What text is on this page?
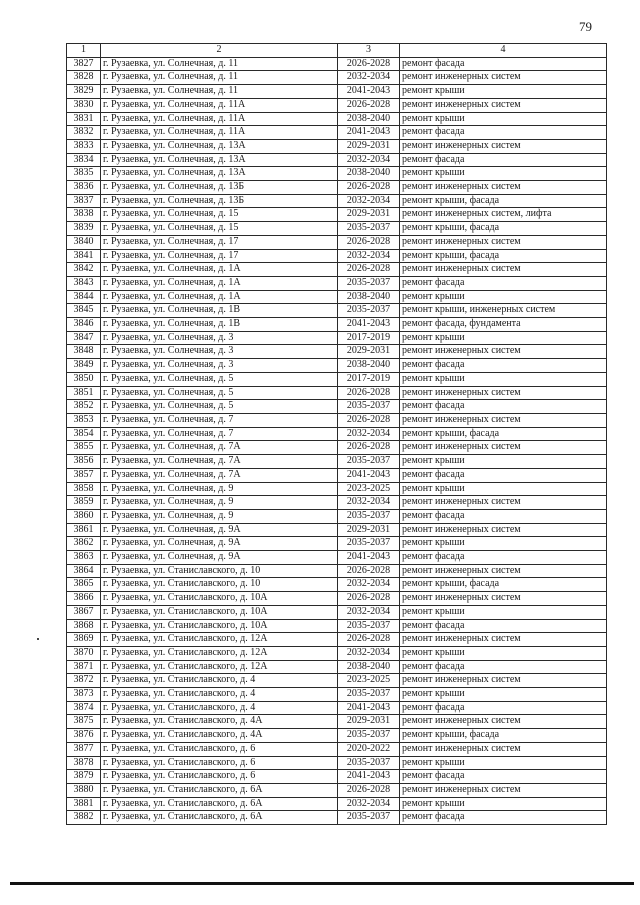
79
1	2	3	4
3827	г. Рузаевка, ул. Солнечная, д. 11	2026-2028	ремонт фасада
3828	г. Рузаевка, ул. Солнечная, д. 11	2032-2034	ремонт инженерных систем
3829	г. Рузаевка, ул. Солнечная, д. 11	2041-2043	ремонт крыши
3830	г. Рузаевка, ул. Солнечная, д. 11А	2026-2028	ремонт инженерных систем
3831	г. Рузаевка, ул. Солнечная, д. 11А	2038-2040	ремонт крыши
3832	г. Рузаевка, ул. Солнечная, д. 11А	2041-2043	ремонт фасада
3833	г. Рузаевка, ул. Солнечная, д. 13А	2029-2031	ремонт инженерных систем
3834	г. Рузаевка, ул. Солнечная, д. 13А	2032-2034	ремонт фасада
3835	г. Рузаевка, ул. Солнечная, д. 13А	2038-2040	ремонт крыши
3836	г. Рузаевка, ул. Солнечная, д. 13Б	2026-2028	ремонт инженерных систем
3837	г. Рузаевка, ул. Солнечная, д. 13Б	2032-2034	ремонт крыши, фасада
3838	г. Рузаевка, ул. Солнечная, д. 15	2029-2031	ремонт инженерных систем, лифта
3839	г. Рузаевка, ул. Солнечная, д. 15	2035-2037	ремонт крыши, фасада
3840	г. Рузаевка, ул. Солнечная, д. 17	2026-2028	ремонт инженерных систем
3841	г. Рузаевка, ул. Солнечная, д. 17	2032-2034	ремонт крыши, фасада
3842	г. Рузаевка, ул. Солнечная, д. 1А	2026-2028	ремонт инженерных систем
3843	г. Рузаевка, ул. Солнечная, д. 1А	2035-2037	ремонт фасада
3844	г. Рузаевка, ул. Солнечная, д. 1А	2038-2040	ремонт крыши
3845	г. Рузаевка, ул. Солнечная, д. 1В	2035-2037	ремонт крыши, инженерных систем
3846	г. Рузаевка, ул. Солнечная, д. 1В	2041-2043	ремонт фасада, фундамента
3847	г. Рузаевка, ул. Солнечная, д. 3	2017-2019	ремонт крыши
3848	г. Рузаевка, ул. Солнечная, д. 3	2029-2031	ремонт инженерных систем
3849	г. Рузаевка, ул. Солнечная, д. 3	2038-2040	ремонт фасада
3850	г. Рузаевка, ул. Солнечная, д. 5	2017-2019	ремонт крыши
3851	г. Рузаевка, ул. Солнечная, д. 5	2026-2028	ремонт инженерных систем
3852	г. Рузаевка, ул. Солнечная, д. 5	2035-2037	ремонт фасада
3853	г. Рузаевка, ул. Солнечная, д. 7	2026-2028	ремонт инженерных систем
3854	г. Рузаевка, ул. Солнечная, д. 7	2032-2034	ремонт крыши, фасада
3855	г. Рузаевка, ул. Солнечная, д. 7А	2026-2028	ремонт инженерных систем
3856	г. Рузаевка, ул. Солнечная, д. 7А	2035-2037	ремонт крыши
3857	г. Рузаевка, ул. Солнечная, д. 7А	2041-2043	ремонт фасада
3858	г. Рузаевка, ул. Солнечная, д. 9	2023-2025	ремонт крыши
3859	г. Рузаевка, ул. Солнечная, д. 9	2032-2034	ремонт инженерных систем
3860	г. Рузаевка, ул. Солнечная, д. 9	2035-2037	ремонт фасада
3861	г. Рузаевка, ул. Солнечная, д. 9А	2029-2031	ремонт инженерных систем
3862	г. Рузаевка, ул. Солнечная, д. 9А	2035-2037	ремонт крыши
3863	г. Рузаевка, ул. Солнечная, д. 9А	2041-2043	ремонт фасада
3864	г. Рузаевка, ул. Станиславского, д. 10	2026-2028	ремонт инженерных систем
3865	г. Рузаевка, ул. Станиславского, д. 10	2032-2034	ремонт крыши, фасада
3866	г. Рузаевка, ул. Станиславского, д. 10А	2026-2028	ремонт инженерных систем
3867	г. Рузаевка, ул. Станиславского, д. 10А	2032-2034	ремонт крыши
3868	г. Рузаевка, ул. Станиславского, д. 10А	2035-2037	ремонт фасада
3869	г. Рузаевка, ул. Станиславского, д. 12А	2026-2028	ремонт инженерных систем
3870	г. Рузаевка, ул. Станиславского, д. 12А	2032-2034	ремонт крыши
3871	г. Рузаевка, ул. Станиславского, д. 12А	2038-2040	ремонт фасада
3872	г. Рузаевка, ул. Станиславского, д. 4	2023-2025	ремонт инженерных систем
3873	г. Рузаевка, ул. Станиславского, д. 4	2035-2037	ремонт крыши
3874	г. Рузаевка, ул. Станиславского, д. 4	2041-2043	ремонт фасада
3875	г. Рузаевка, ул. Станиславского, д. 4А	2029-2031	ремонт инженерных систем
3876	г. Рузаевка, ул. Станиславского, д. 4А	2035-2037	ремонт крыши, фасада
3877	г. Рузаевка, ул. Станиславского, д. 6	2020-2022	ремонт инженерных систем
3878	г. Рузаевка, ул. Станиславского, д. 6	2035-2037	ремонт крыши
3879	г. Рузаевка, ул. Станиславского, д. 6	2041-2043	ремонт фасада
3880	г. Рузаевка, ул. Станиславского, д. 6А	2026-2028	ремонт инженерных систем
3881	г. Рузаевка, ул. Станиславского, д. 6А	2032-2034	ремонт крыши
3882	г. Рузаевка, ул. Станиславского, д. 6А	2035-2037	ремонт фасада
